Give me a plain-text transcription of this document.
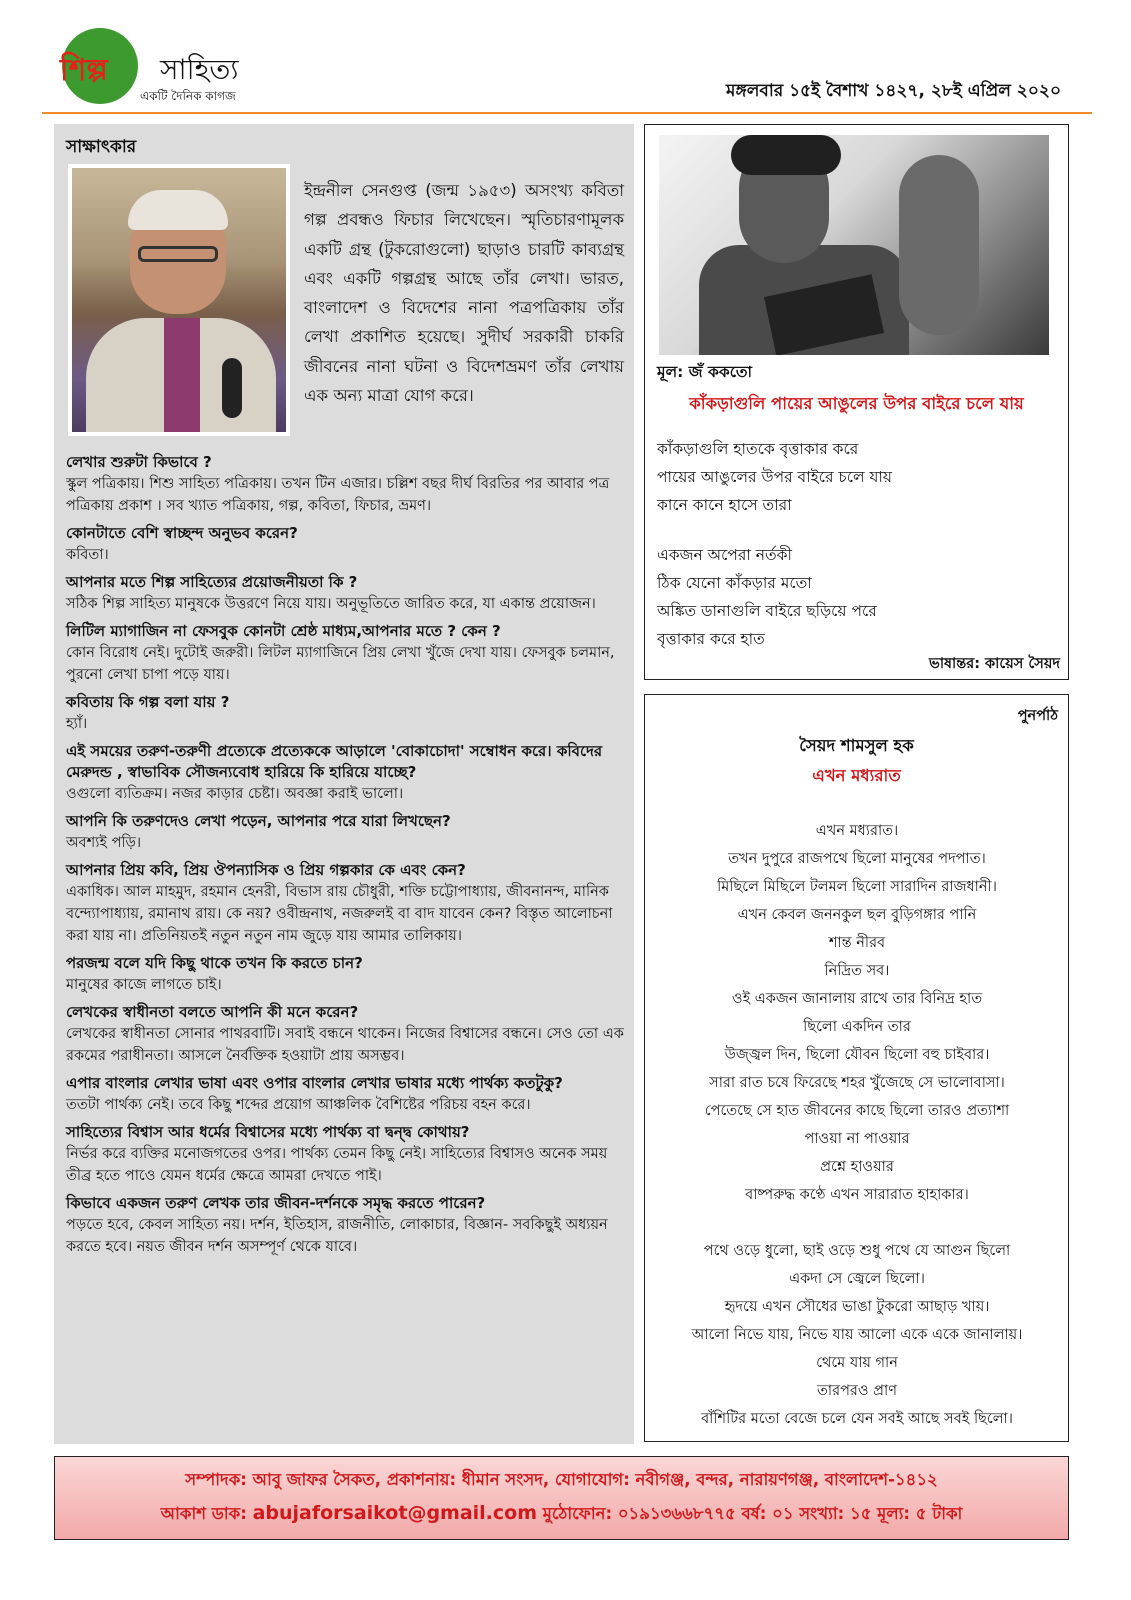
শিল্প সাহিত্য
একটি দৈনিক কাগজ	মঙ্গলবার ১৫ই বৈশাখ ১৪২৭, ২৮ই এপ্রিল ২০২০
সাক্ষাৎকার
ইন্দ্রনীল সেনগুপ্ত (জন্ম ১৯৫৩) অসংখ্য কবিতা গল্প প্রবন্ধও ফিচার লিখেছেন। স্মৃতিচারণামূলক একটি গ্রন্থ (টুকরোগুলো) ছাড়াও চারটি কাব্যগ্রন্থ এবং একটি গল্পগ্রন্থ আছে তাঁর লেখা। ভারত, বাংলাদেশ ও বিদেশের নানা পত্রপত্রিকায় তাঁর লেখা প্রকাশিত হয়েছে। সুদীর্ঘ সরকারী চাকরি জীবনের নানা ঘটনা ও বিদেশভ্রমণ তাঁর লেখায় এক অন্য মাত্রা যোগ করে।
লেখার শুরুটা কিভাবে ?
স্কুল পত্রিকায়। শিশু সাহিত্য পত্রিকায়। তখন টিন এজার। চল্লিশ বছর দীর্ঘ বিরতির পর আবার পত্র পত্রিকায় প্রকাশ । সব খ্যাত পত্রিকায়, গল্প, কবিতা, ফিচার, ভ্রমণ।
কোনটাতে বেশি স্বাচ্ছন্দ অনুভব করেন?
কবিতা।
আপনার মতে শিল্প সাহিত্যের প্রয়োজনীয়তা কি ?
সঠিক শিল্প সাহিত্য মানুষকে উত্তরণে নিয়ে যায়। অনুভূতিতে জারিত করে, যা একান্ত প্রয়োজন।
লিটিল ম্যাগাজিন না ফেসবুক কোনটা শ্রেষ্ঠ মাধ্যম,আপনার মতে ? কেন ?
কোন বিরোধ নেই। দুটোই জরুরী। লিটল ম্যাগাজিনে প্রিয় লেখা খুঁজে দেখা যায়। ফেসবুক চলমান, পুরনো লেখা চাপা পড়ে যায়।
কবিতায় কি গল্প বলা যায় ?
হ্যাঁ।
এই সময়ের তরুণ-তরুণী প্রত্যেকে প্রত্যেককে আড়ালে 'বোকাচোদা' সম্বোধন করে। কবিদের মেরুদন্ড , স্বাভাবিক সৌজন্যবোধ হারিয়ে কি হারিয়ে যাচ্ছে?
ওগুলো ব্যতিক্রম। নজর কাড়ার চেষ্টা। অবজ্ঞা করাই ভালো।
আপনি কি তরুণদেও লেখা পড়েন, আপনার পরে যারা লিখছেন?
অবশ্যই পড়ি।
আপনার প্রিয় কবি, প্রিয় ঔপন্যাসিক ও প্রিয় গল্পকার কে এবং কেন?
একাধিক। আল মাহমুদ, রহমান হেনরী, বিভাস রায় চৌধুরী, শক্তি চট্টোপাধ্যায়, জীবনানন্দ, মানিক বন্দ্যোপাধ্যায়, রমানাথ রায়। কে নয়? ওবীন্দ্রনাথ, নজরুলই বা বাদ যাবেন কেন? বিস্তৃত আলোচনা করা যায় না। প্রতিনিয়তই নতুন নতুন নাম জুড়ে যায় আমার তালিকায়।
পরজন্ম বলে যদি কিছু থাকে তখন কি করতে চান?
মানুষের কাজে লাগতে চাই।
লেখকের স্বাধীনতা বলতে আপনি কী মনে করেন?
লেখকের স্বাধীনতা সোনার পাথরবাটি। সবাই বন্ধনে থাকেন। নিজের বিশ্বাসের বন্ধনে। সেও তো এক রকমের পরাধীনতা। আসলে নৈর্বক্তিক হওয়াটা প্রায় অসম্ভব।
এপার বাংলার লেখার ভাষা এবং ওপার বাংলার লেখার ভাষার মধ্যে পার্থক্য কতটুকু?
ততটা পার্থক্য নেই। তবে কিছু শব্দের প্রয়োগ আঞ্চলিক বৈশিষ্টের পরিচয় বহন করে।
সাহিত্যের বিশ্বাস আর ধর্মের বিশ্বাসের মধ্যে পার্থক্য বা দ্বন্দ্ব কোথায়?
নির্ভর করে ব্যক্তির মনোজগতের ওপর। পার্থক্য তেমন কিছু নেই। সাহিত্যের বিশ্বাসও অনেক সময় তীব্র হতে পাওে যেমন ধর্মের ক্ষেত্রে আমরা দেখতে পাই।
কিভাবে একজন তরুণ লেখক তার জীবন-দর্শনকে সমৃদ্ধ করতে পারেন?
পড়তে হবে, কেবল সাহিত্য নয়। দর্শন, ইতিহাস, রাজনীতি, লোকাচার, বিজ্ঞান- সবকিছুই অধ্যয়ন করতে হবে। নয়ত জীবন দর্শন অসম্পূর্ণ থেকে যাবে।
মূল: জঁ ককতো
কাঁকড়াগুলি পায়ের আঙুলের উপর বাইরে চলে যায়
কাঁকড়াগুলি হাতকে বৃত্তাকার করে
পায়ের আঙুলের উপর বাইরে চলে যায়
কানে কানে হাসে তারা
একজন অপেরা নর্তকী
ঠিক যেনো কাঁকড়ার মতো
অঙ্কিত ডানাগুলি বাইরে ছড়িয়ে পরে
বৃত্তাকার করে হাত
ভাষান্তর: কায়েস সৈয়দ
পুনর্পাঠ
সৈয়দ শামসুল হক
এখন মধ্যরাত
এখন মধ্যরাত।
তখন দুপুরে রাজপথে ছিলো মানুষের পদপাত।
মিছিলে মিছিলে টলমল ছিলো সারাদিন রাজধানী।
এখন কেবল জননকুল ছল বুড়িগঙ্গার পানি
শান্ত নীরব
নিদ্রিত সব।
ওই একজন জানালায় রাখে তার বিনিদ্র হাত
ছিলো একদিন তার
উজ্জ্বল দিন, ছিলো যৌবন ছিলো বহু চাইবার।
সারা রাত চষে ফিরেছে শহর খুঁজেছে সে ভালোবাসা।
পেতেছে সে হাত জীবনের কাছে ছিলো তারও প্রত্যাশা
পাওয়া না পাওয়ার
প্রশ্নে হাওয়ার
বাষ্পরুদ্ধ কণ্ঠে এখন সারারাত হাহাকার।
পথে ওড়ে ধুলো, ছাই ওড়ে শুধু পথে যে আগুন ছিলো
একদা সে জ্বেলে ছিলো।
হৃদয়ে এখন সৌধের ভাঙা টুকরো আছাড় খায়।
আলো নিভে যায়, নিভে যায় আলো একে একে জানালায়।
থেমে যায় গান
তারপরও প্রাণ
বাঁশিটির মতো বেজে চলে যেন সবই আছে সবই ছিলো।
সম্পাদক: আবু জাফর সৈকত, প্রকাশনায়: ধীমান সংসদ, যোগাযোগ: নবীগঞ্জ, বন্দর, নারায়ণগঞ্জ, বাংলাদেশ-১৪১২
আকাশ ডাক: abujaforsaikot@gmail.com মুঠোফোন: ০১৯১৩৬৬৮৭৭৫ বর্ষ: ০১ সংখ্যা: ১৫ মূল্য: ৫ টাকা
